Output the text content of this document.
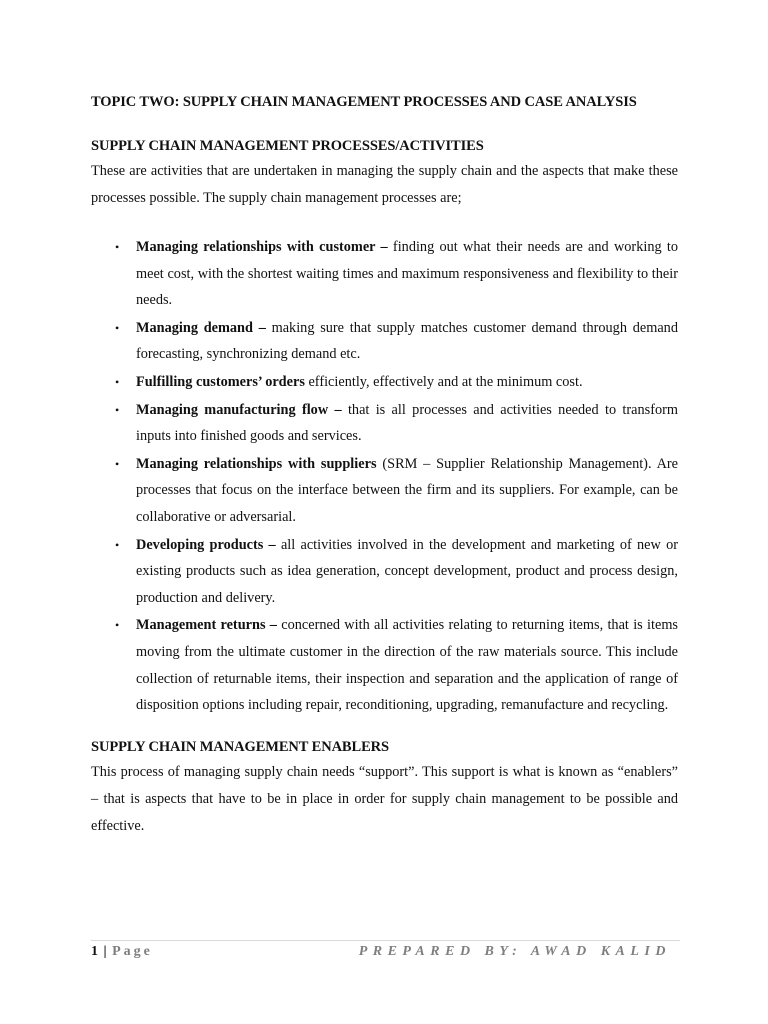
TOPIC TWO: SUPPLY CHAIN MANAGEMENT PROCESSES AND CASE ANALYSIS

SUPPLY CHAIN MANAGEMENT PROCESSES/ACTIVITIES

These are activities that are undertaken in managing the supply chain and the aspects that make these processes possible. The supply chain management processes are;

• Managing relationships with customer – finding out what their needs are and working to meet cost, with the shortest waiting times and maximum responsiveness and flexibility to their needs.
• Managing demand – making sure that supply matches customer demand through demand forecasting, synchronizing demand etc.
• Fulfilling customers’ orders efficiently, effectively and at the minimum cost.
• Managing manufacturing flow – that is all processes and activities needed to transform inputs into finished goods and services.
• Managing relationships with suppliers (SRM – Supplier Relationship Management). Are processes that focus on the interface between the firm and its suppliers. For example, can be collaborative or adversarial.
• Developing products – all activities involved in the development and marketing of new or existing products such as idea generation, concept development, product and process design, production and delivery.
• Management returns – concerned with all activities relating to returning items, that is items moving from the ultimate customer in the direction of the raw materials source. This include collection of returnable items, their inspection and separation and the application of range of disposition options including repair, reconditioning, upgrading, remanufacture and recycling.

SUPPLY CHAIN MANAGEMENT ENABLERS

This process of managing supply chain needs “support”. This support is what is known as “enablers” – that is aspects that have to be in place in order for supply chain management to be possible and effective.

1 | Page	PREPARED BY: AWAD KALID
